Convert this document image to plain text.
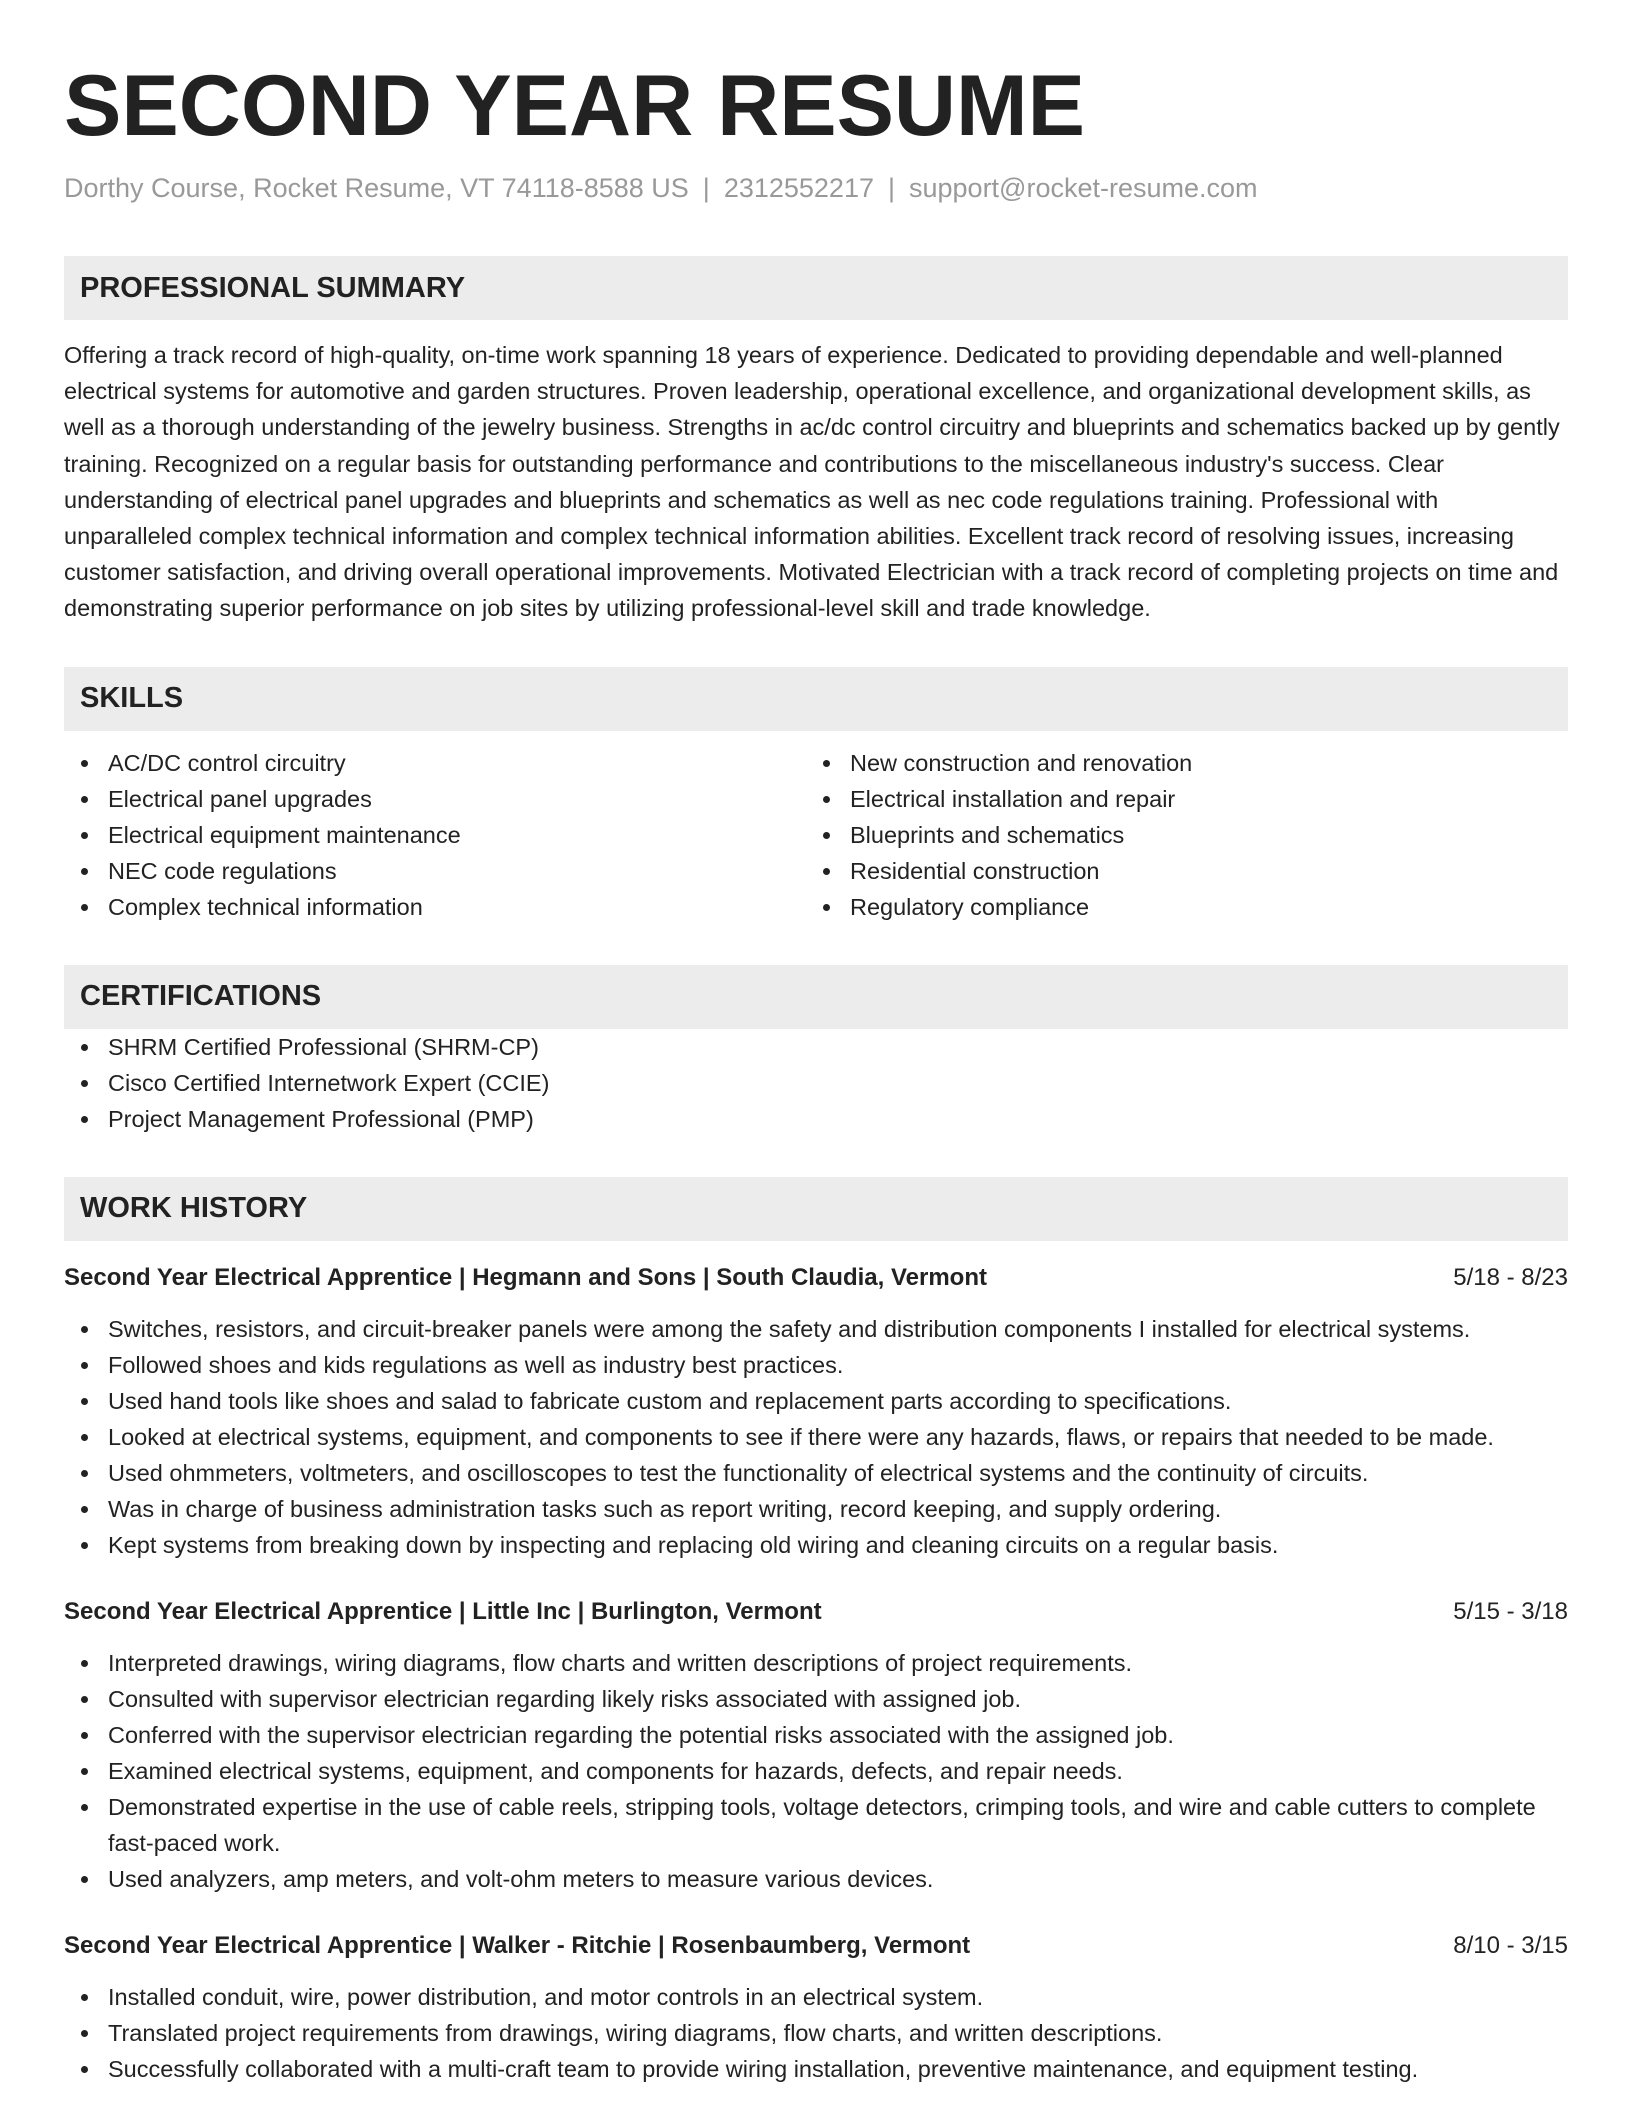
SECOND YEAR RESUME
Dorthy Course, Rocket Resume, VT 74118-8588 US | 2312552217 | support@rocket-resume.com
PROFESSIONAL SUMMARY
Offering a track record of high-quality, on-time work spanning 18 years of experience. Dedicated to providing dependable and well-planned electrical systems for automotive and garden structures. Proven leadership, operational excellence, and organizational development skills, as well as a thorough understanding of the jewelry business. Strengths in ac/dc control circuitry and blueprints and schematics backed up by gently training. Recognized on a regular basis for outstanding performance and contributions to the miscellaneous industry's success. Clear understanding of electrical panel upgrades and blueprints and schematics as well as nec code regulations training. Professional with unparalleled complex technical information and complex technical information abilities. Excellent track record of resolving issues, increasing customer satisfaction, and driving overall operational improvements. Motivated Electrician with a track record of completing projects on time and demonstrating superior performance on job sites by utilizing professional-level skill and trade knowledge.
SKILLS
AC/DC control circuitry
Electrical panel upgrades
Electrical equipment maintenance
NEC code regulations
Complex technical information
New construction and renovation
Electrical installation and repair
Blueprints and schematics
Residential construction
Regulatory compliance
CERTIFICATIONS
SHRM Certified Professional (SHRM-CP)
Cisco Certified Internetwork Expert (CCIE)
Project Management Professional (PMP)
WORK HISTORY
Second Year Electrical Apprentice | Hegmann and Sons | South Claudia, Vermont	5/18 - 8/23
Switches, resistors, and circuit-breaker panels were among the safety and distribution components I installed for electrical systems.
Followed shoes and kids regulations as well as industry best practices.
Used hand tools like shoes and salad to fabricate custom and replacement parts according to specifications.
Looked at electrical systems, equipment, and components to see if there were any hazards, flaws, or repairs that needed to be made.
Used ohmmeters, voltmeters, and oscilloscopes to test the functionality of electrical systems and the continuity of circuits.
Was in charge of business administration tasks such as report writing, record keeping, and supply ordering.
Kept systems from breaking down by inspecting and replacing old wiring and cleaning circuits on a regular basis.
Second Year Electrical Apprentice | Little Inc | Burlington, Vermont	5/15 - 3/18
Interpreted drawings, wiring diagrams, flow charts and written descriptions of project requirements.
Consulted with supervisor electrician regarding likely risks associated with assigned job.
Conferred with the supervisor electrician regarding the potential risks associated with the assigned job.
Examined electrical systems, equipment, and components for hazards, defects, and repair needs.
Demonstrated expertise in the use of cable reels, stripping tools, voltage detectors, crimping tools, and wire and cable cutters to complete fast-paced work.
Used analyzers, amp meters, and volt-ohm meters to measure various devices.
Second Year Electrical Apprentice | Walker - Ritchie | Rosenbaumberg, Vermont	8/10 - 3/15
Installed conduit, wire, power distribution, and motor controls in an electrical system.
Translated project requirements from drawings, wiring diagrams, flow charts, and written descriptions.
Successfully collaborated with a multi-craft team to provide wiring installation, preventive maintenance, and equipment testing.
